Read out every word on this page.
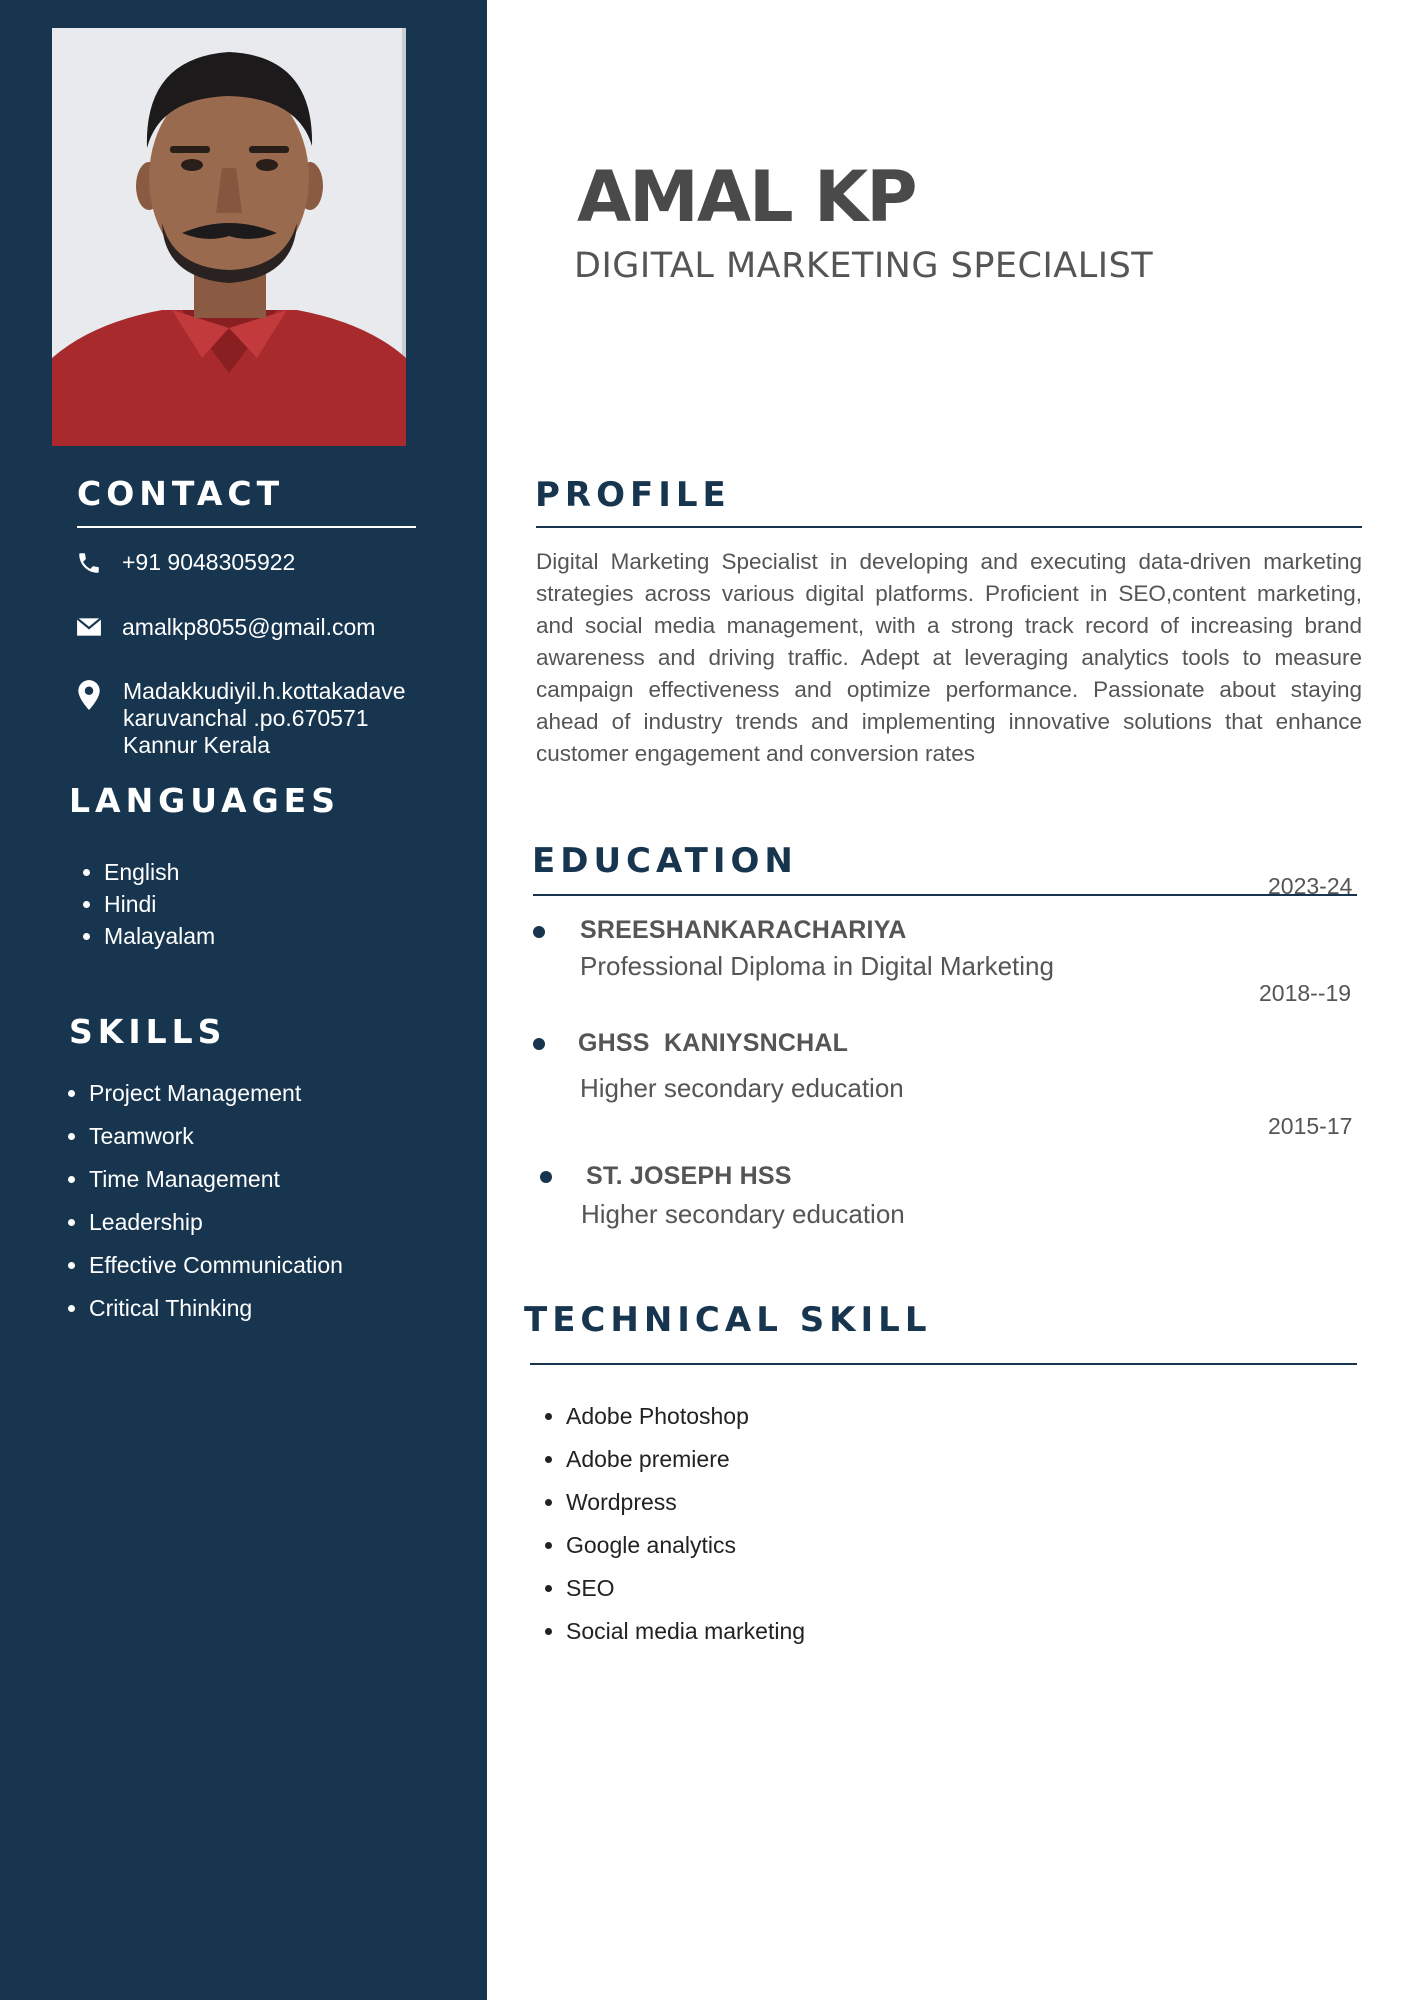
CONTACT
+91 9048305922
amalkp8055@gmail.com
Madakkudiyil.h.kottakadave
karuvanchal .po.670571
Kannur Kerala
LANGUAGES
• English
• Hindi
• Malayalam
SKILLS
• Project Management
• Teamwork
• Time Management
• Leadership
• Effective Communication
• Critical Thinking
AMAL KP
DIGITAL MARKETING SPECIALIST
PROFILE

Digital Marketing Specialist in developing and executing data-driven marketing strategies across various digital platforms. Proficient in SEO,content marketing, and social media management, with a strong track record of increasing brand awareness and driving traffic. Adept at leveraging analytics tools to measure campaign effectiveness and optimize performance. Passionate about staying ahead of industry trends and implementing innovative solutions that enhance customer engagement and conversion rates

EDUCATION
2023-24
SREESHANKARACHARIYA
Professional Diploma in Digital Marketing
2018--19
GHSS  KANIYSNCHAL
Higher secondary education
2015-17
ST. JOSEPH HSS
Higher secondary education
TECHNICAL SKILL
• Adobe Photoshop
• Adobe premiere
• Wordpress
• Google analytics
• SEO
• Social media marketing
